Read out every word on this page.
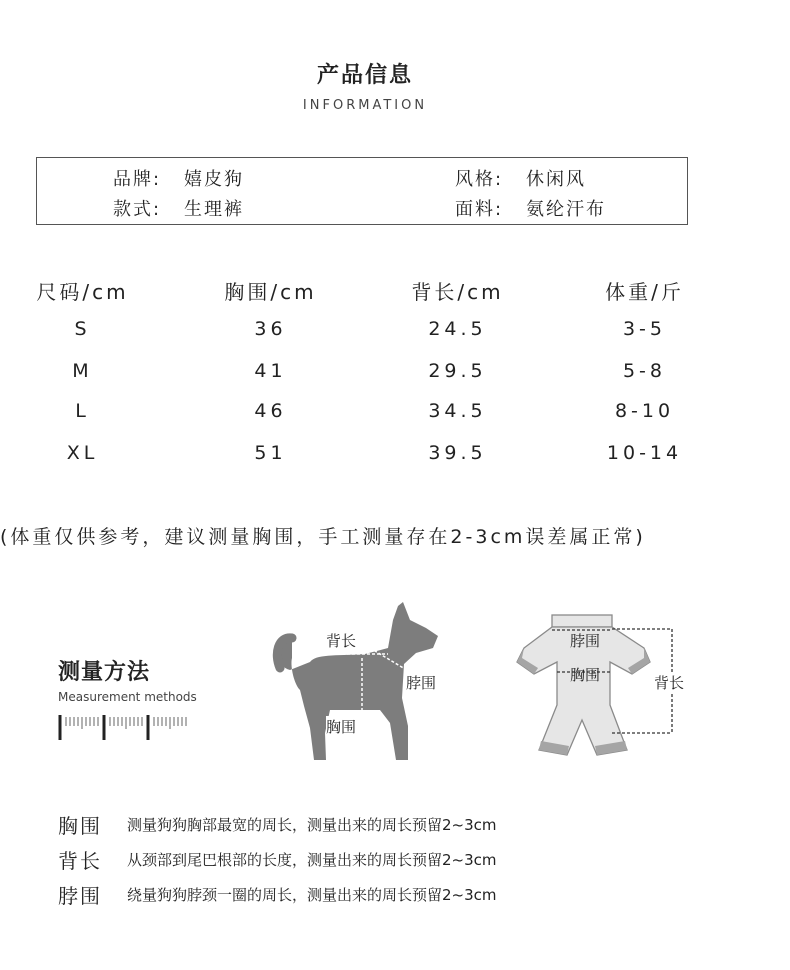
产品信息
INFORMATION
品牌: 嬉皮狗	风格: 休闲风
款式: 生理裤	面料: 氨纶汗布
尺码/cm	胸围/cm	背长/cm	体重/斤
S	36	24.5	3-5
M	41	29.5	5-8
L	46	34.5	8-10
XL	51	39.5	10-14
(体重仅供参考，建议测量胸围，手工测量存在2-3cm误差属正常)
测量方法
Measurement methods
背长
脖围
胸围
脖围
胸围	背长
胸围 测量狗狗胸部最宽的周长，测量出来的周长预留2~3cm
背长 从颈部到尾巴根部的长度，测量出来的周长预留2~3cm
脖围 绕量狗狗脖颈一圈的周长，测量出来的周长预留2~3cm
